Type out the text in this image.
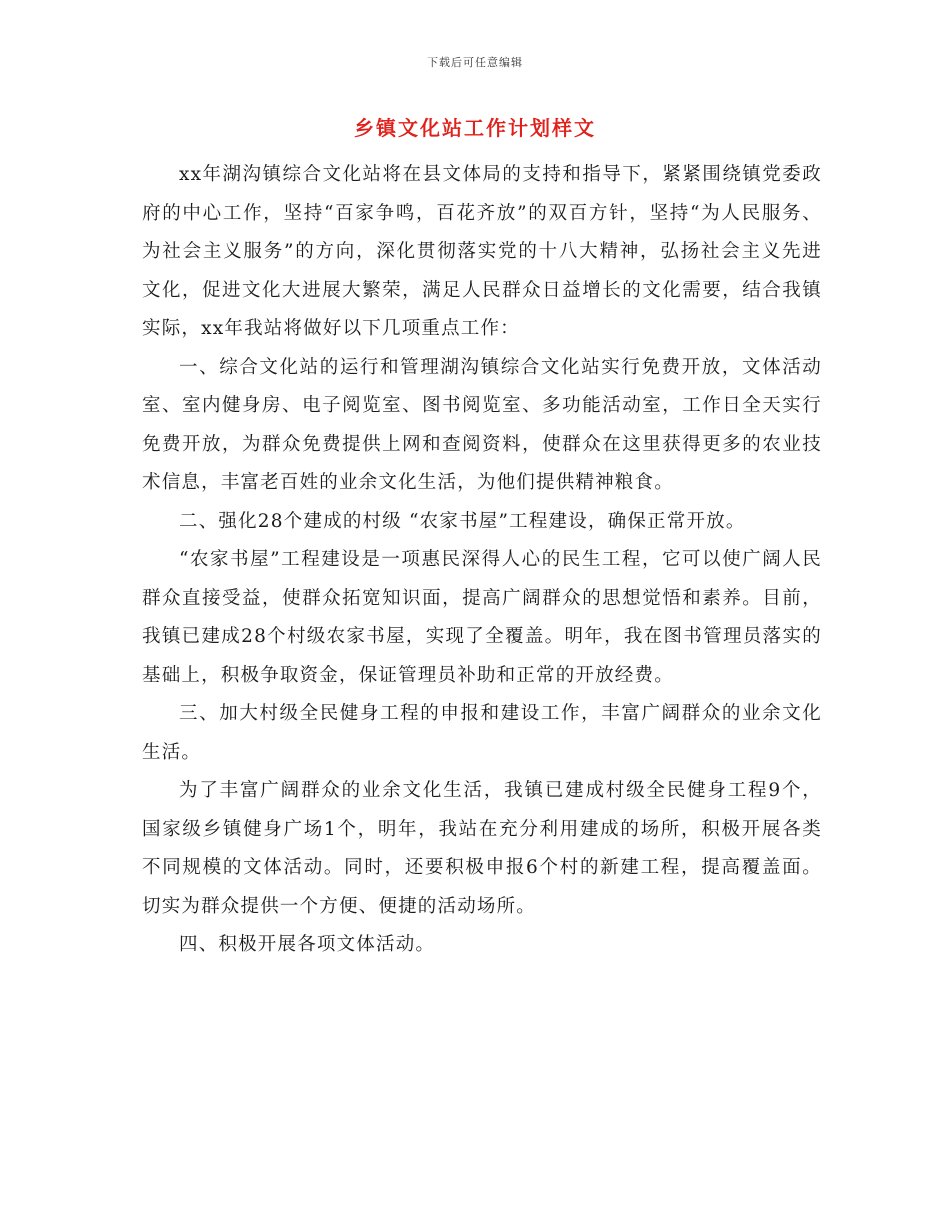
下载后可任意编辑
乡镇文化站工作计划样文

xx年湖沟镇综合文化站将在县文体局的支持和指导下，紧紧围绕镇党委政府的中心工作，坚持“百家争鸣，百花齐放”的双百方针，坚持“为人民服务、为社会主义服务”的方向，深化贯彻落实党的十八大精神，弘扬社会主义先进文化，促进文化大进展大繁荣，满足人民群众日益增长的文化需要，结合我镇实际，xx年我站将做好以下几项重点工作：

一、综合文化站的运行和管理湖沟镇综合文化站实行免费开放，文体活动室、室内健身房、电子阅览室、图书阅览室、多功能活动室，工作日全天实行免费开放，为群众免费提供上网和查阅资料，使群众在这里获得更多的农业技术信息，丰富老百姓的业余文化生活，为他们提供精神粮食。

二、强化28个建成的村级 “农家书屋”工程建设，确保正常开放。

“农家书屋”工程建设是一项惠民深得人心的民生工程，它可以使广阔人民群众直接受益，使群众拓宽知识面，提高广阔群众的思想觉悟和素养。目前，我镇已建成28个村级农家书屋，实现了全覆盖。明年，我在图书管理员落实的基础上，积极争取资金，保证管理员补助和正常的开放经费。

三、加大村级全民健身工程的申报和建设工作，丰富广阔群众的业余文化生活。

为了丰富广阔群众的业余文化生活，我镇已建成村级全民健身工程9个，国家级乡镇健身广场1个，明年，我站在充分利用建成的场所，积极开展各类不同规模的文体活动。同时，还要积极申报6个村的新建工程，提高覆盖面。切实为群众提供一个方便、便捷的活动场所。

四、积极开展各项文体活动。
